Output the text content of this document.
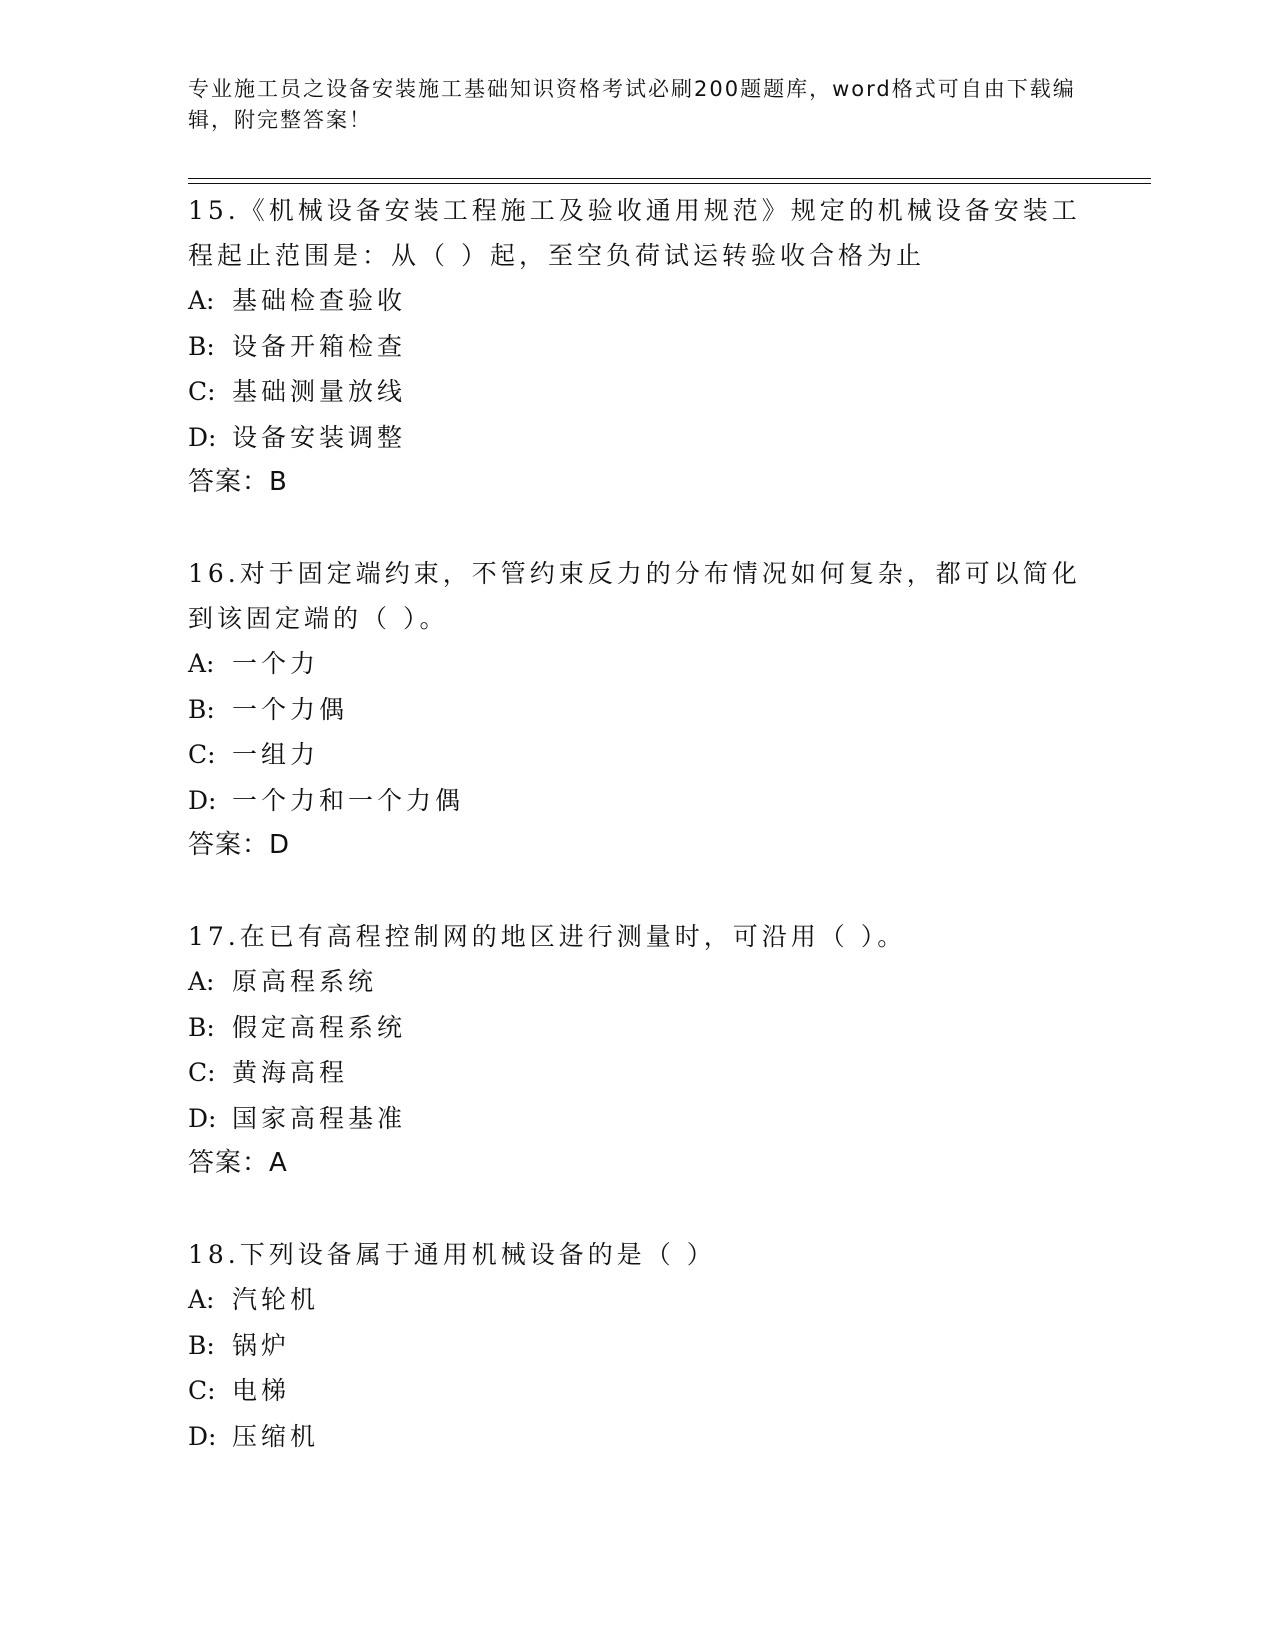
专业施工员之设备安装施工基础知识资格考试必刷200题题库，word格式可自由下载编辑，附完整答案！

15.《机械设备安装工程施工及验收通用规范》规定的机械设备安装工程起止范围是：从（ ）起，至空负荷试运转验收合格为止

A: 基础检查验收
B: 设备开箱检查
C: 基础测量放线
D: 设备安装调整

答案：B

16.对于固定端约束，不管约束反力的分布情况如何复杂，都可以简化到该固定端的（ ）。

A: 一个力
B: 一个力偶
C: 一组力
D: 一个力和一个力偶

答案：D

17.在已有高程控制网的地区进行测量时，可沿用（ ）。

A: 原高程系统
B: 假定高程系统
C: 黄海高程
D: 国家高程基准

答案：A

18.下列设备属于通用机械设备的是（ ）

A: 汽轮机
B: 锅炉
C: 电梯
D: 压缩机
